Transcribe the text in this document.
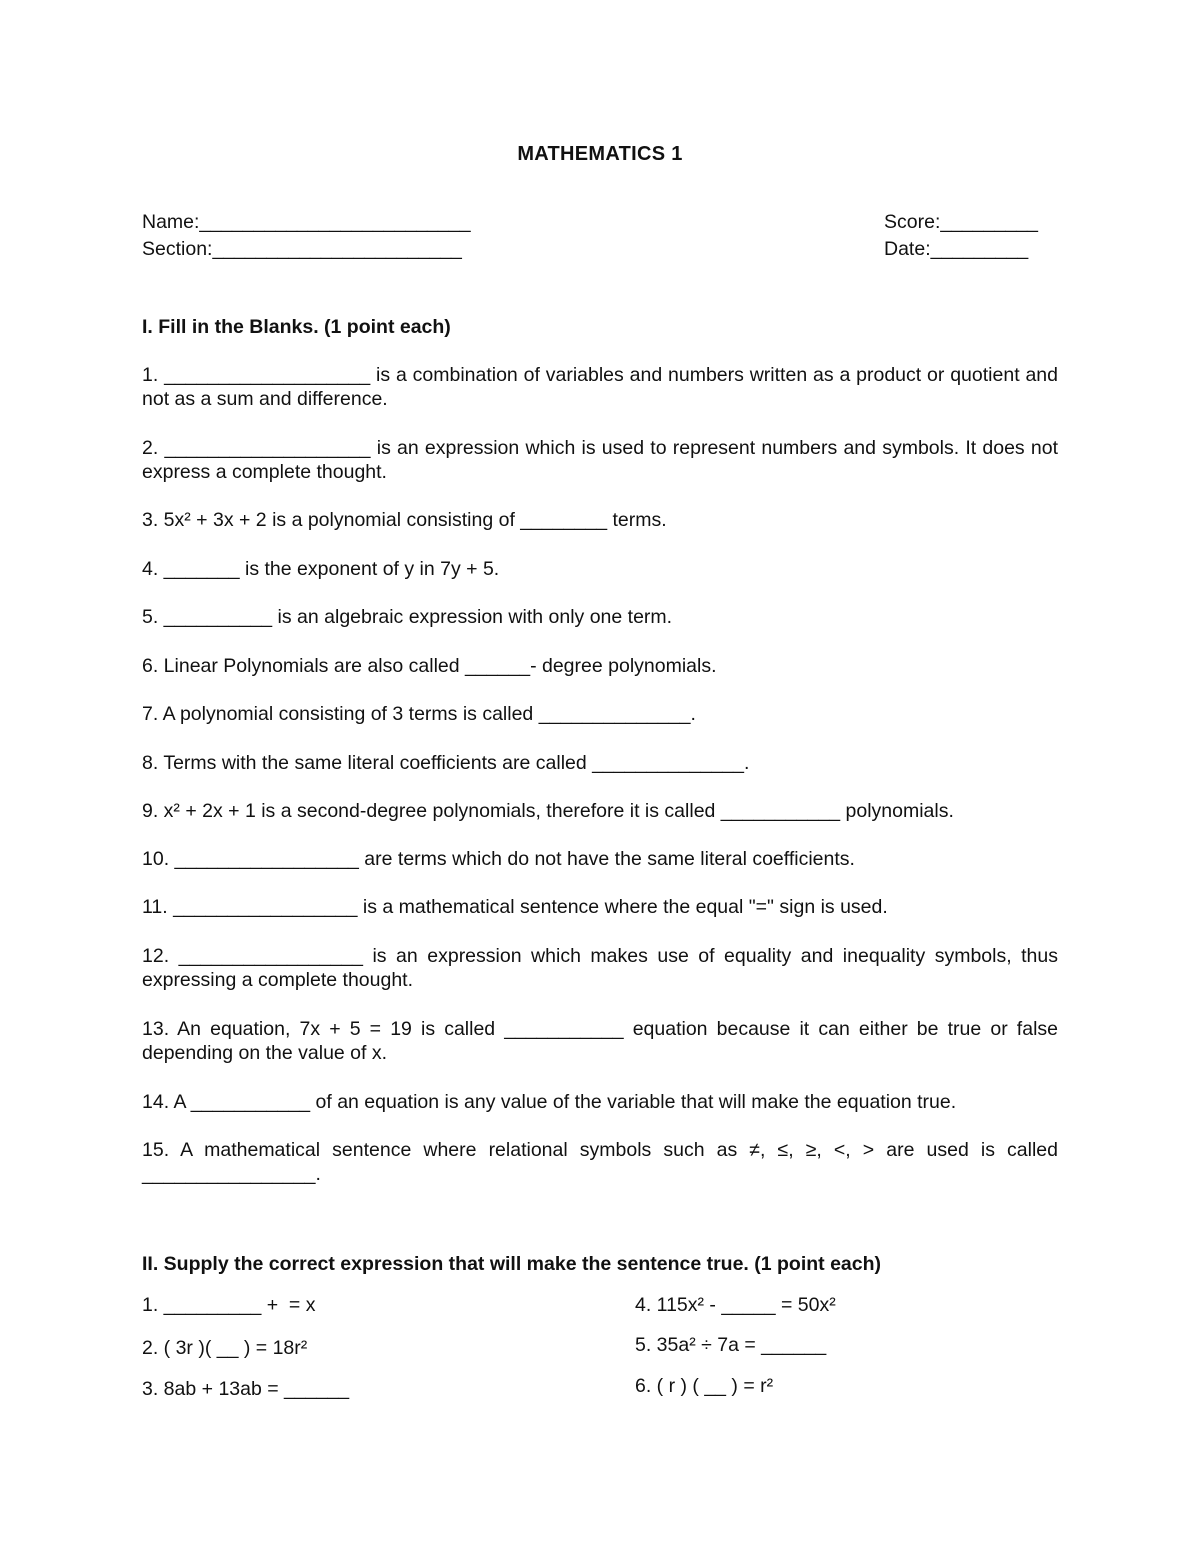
MATHEMATICS 1
Name:_________________________
Section:_______________________
Score:_________
Date:_________
I. Fill in the Blanks. (1 point each)
1. ___________________ is a combination of variables and numbers written as a product or quotient and not as a sum and difference.
2. ___________________ is an expression which is used to represent numbers and symbols. It does not express a complete thought.
3. 5x² + 3x + 2 is a polynomial consisting of ________ terms.
4. _______ is the exponent of y in 7y + 5.
5. __________ is an algebraic expression with only one term.
6. Linear Polynomials are also called ______- degree polynomials.
7. A polynomial consisting of 3 terms is called ______________.
8. Terms with the same literal coefficients are called ______________.
9. x² + 2x + 1 is a second-degree polynomials, therefore it is called ___________ polynomials.
10. _________________ are terms which do not have the same literal coefficients.
11. _________________ is a mathematical sentence where the equal "=" sign is used.
12. _________________ is an expression which makes use of equality and inequality symbols, thus expressing a complete thought.
13. An equation, 7x + 5 = 19 is called ___________ equation because it can either be true or false depending on the value of x.
14. A ___________ of an equation is any value of the variable that will make the equation true.
15. A mathematical sentence where relational symbols such as ≠, ≤, ≥, <, > are used is called ________________.
II. Supply the correct expression that will make the sentence true. (1 point each)
1. _________ +  = x
2. ( 3r )( __ ) = 18r²
3. 8ab + 13ab = ______
4. 115x² - _____ = 50x²
5. 35a² ÷ 7a = ______
6. ( r ) ( __ ) = r²
